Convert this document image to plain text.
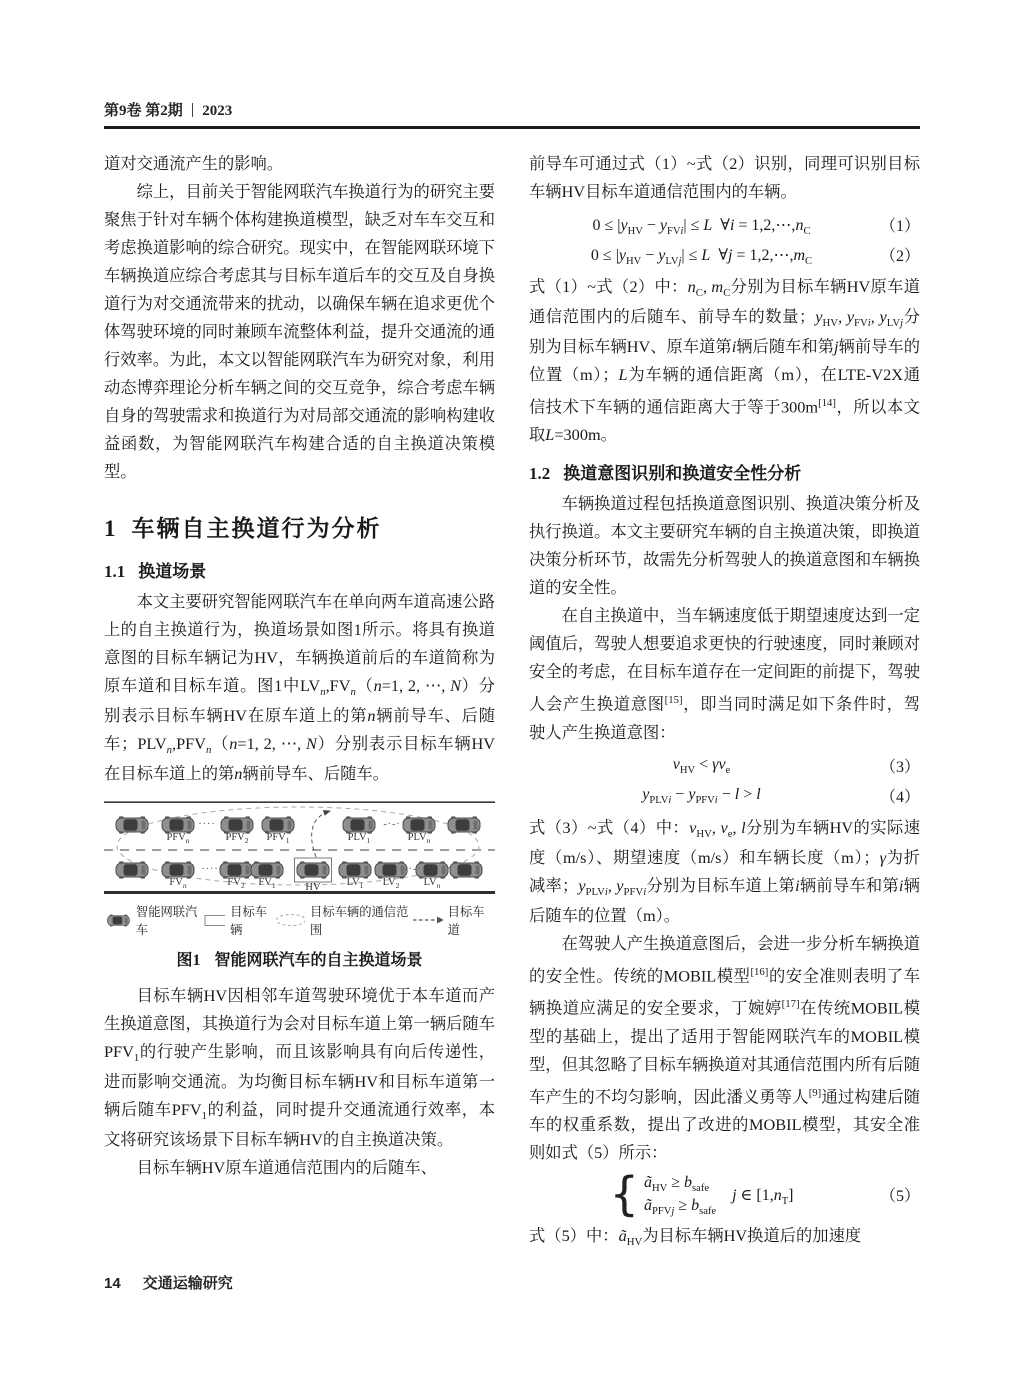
第9卷 第2期 2023

道对交通流产生的影响。

综上，目前关于智能网联汽车换道行为的研究主要聚焦于针对车辆个体构建换道模型，缺乏对车车交互和考虑换道影响的综合研究。现实中，在智能网联环境下车辆换道应综合考虑其与目标车道后车的交互及自身换道行为对交通流带来的扰动，以确保车辆在追求更优个体驾驶环境的同时兼顾车流整体利益，提升交通流的通行效率。为此，本文以智能网联汽车为研究对象，利用动态博弈理论分析车辆之间的交互竞争，综合考虑车辆自身的驾驶需求和换道行为对局部交通流的影响构建收益函数，为智能网联汽车构建合适的自主换道决策模型。

1 车辆自主换道行为分析
1.1 换道场景

本文主要研究智能网联汽车在单向两车道高速公路上的自主换道行为，换道场景如图1所示。将具有换道意图的目标车辆记为HV，车辆换道前后的车道简称为原车道和目标车道。图1中$LV_n,FV_n(n=1$, 2, ⋯, N）分别表示目标车辆HV在原车道上的第n辆前导车、后随车；$PLV_n,PFV_n(n=1$, 2, ⋯, N）分别表示目标车辆HV在目标车道上的第n辆前导车、后随车。

$PFV_n$
····
$PFV_2$ $PFV_1$	$PLV_1$
-·-·
$PLV_n$
$FV_n$
····
$FV_2$ $FV_1$	HV $LV_1$ $LV_2$
-·-·
$LV_n$
智能网联汽车
目标车辆
目标车辆的通信范围
目标车道
图1 智能网联汽车的自主换道场景

目标车辆HV因相邻车道驾驶环境优于本车道而产生换道意图，其换道行为会对目标车道上第一辆后随车$PFV_1$的行驶产生影响，而且该影响具有向后传递性，进而影响交通流。为均衡目标车辆HV和目标车道第一辆后随车$PFV_1$的利益，同时提升交通流通行效率，本文将研究该场景下目标车辆HV的自主换道决策。

目标车辆HV原车道通信范围内的后随车、

前导车可通过式（1）~式（2）识别，同理可识别目标车辆HV目标车道通信范围内的车辆。

$0 \le |y_{HV} - y_{FVi}| \le L$  ∀i = $1,2,\cdots,n_C$	（1）
$0 \le |y_{HV} - y_{LVj}| \le L$  ∀j = $1,2,\cdots,m_C$	（2）

式（1）~式（2）中：$n_C$, $m_C$分别为目标车辆HV原车道通信范围内的后随车、前导车的数量；$y_{HV}$, $y_{FVi}$, $y_{LVj}$分别为目标车辆HV、原车道第i辆后随车和第j辆前导车的位置（m）；L为车辆的通信距离（m），在LTE-V2X通信技术下车辆的通信距离大于等于300m[14]，所以本文取L=300m。

1.2 换道意图识别和换道安全性分析

车辆换道过程包括换道意图识别、换道决策分析及执行换道。本文主要研究车辆的自主换道决策，即换道决策分析环节，故需先分析驾驶人的换道意图和车辆换道的安全性。

在自主换道中，当车辆速度低于期望速度达到一定阈值后，驾驶人想要追求更快的行驶速度，同时兼顾对安全的考虑，在目标车道存在一定间距的前提下，驾驶人会产生换道意图[15]，即当同时满足如下条件时，驾驶人产生换道意图：

$v_{HV} < \gamma v_e$	（3）
$y_{PLVi} - y_{PFVi} - l > l$	（4）

式（3）~式（4）中：$v_{HV}$, $v_e$, l分别为车辆HV的实际速度（m/s）、期望速度（m/s）和车辆长度（m）；γ为折减率；$y_{PLVi}$, $y_{PFVi}$分别为目标车道上第i辆前导车和第i辆后随车的位置（m）。

在驾驶人产生换道意图后，会进一步分析车辆换道的安全性。传统的MOBIL模型[16]的安全准则表明了车辆换道应满足的安全要求，丁婉婷[17]在传统MOBIL模型的基础上，提出了适用于智能网联汽车的MOBIL模型，但其忽略了目标车辆换道对其通信范围内所有后随车产生的不均匀影响，因此潘义勇等人[9]通过构建后随车的权重系数，提出了改进的MOBIL模型，其安全准则如式（5）所示：

{ $ã_{HV} \ge b_{safe}$
$ã_{PFVj} \ge b_{safe}$
j ∈ $[1,n_T]$	（5）

式（5）中：$ã_{HV}$为目标车辆HV换道后的加速度

14 交通运输研究
